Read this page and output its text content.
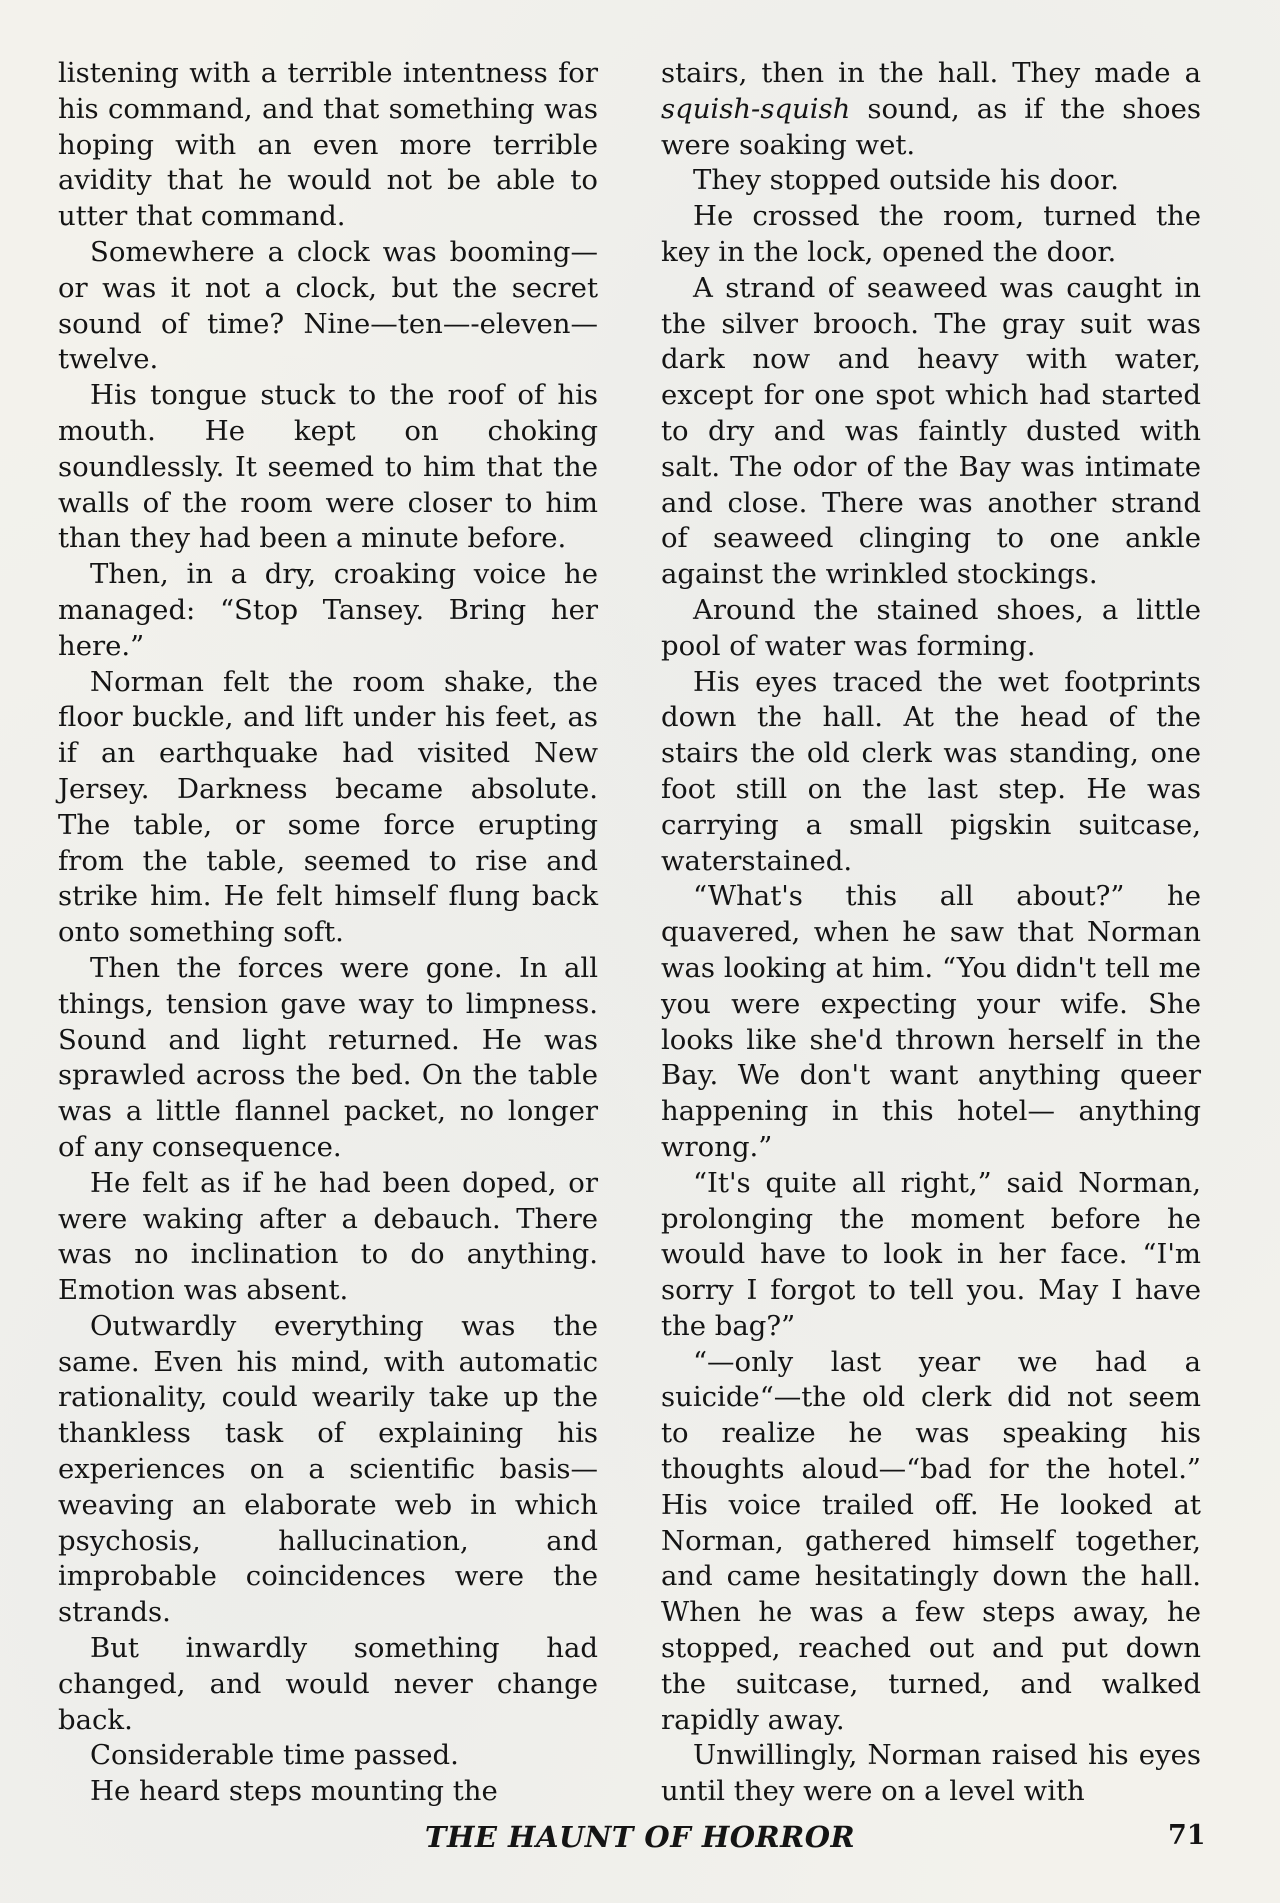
listening with a terrible intentness for his command, and that something was hoping with an even more terrible avidity that he would not be able to utter that command.

Somewhere a clock was booming— or was it not a clock, but the secret sound of time? Nine—ten—-eleven—twelve.

His tongue stuck to the roof of his mouth. He kept on choking soundlessly. It seemed to him that the walls of the room were closer to him than they had been a minute before.

Then, in a dry, croaking voice he managed: “Stop Tansey. Bring her here.”

Norman felt the room shake, the floor buckle, and lift under his feet, as if an earthquake had visited New Jersey. Darkness became absolute. The table, or some force erupting from the table, seemed to rise and strike him. He felt himself flung back onto something soft.

Then the forces were gone. In all things, tension gave way to limpness. Sound and light returned. He was sprawled across the bed. On the table was a little flannel packet, no longer of any consequence.

He felt as if he had been doped, or were waking after a debauch. There was no inclination to do anything. Emotion was absent.

Outwardly everything was the same. Even his mind, with automatic rationality, could wearily take up the thankless task of explaining his experiences on a scientific basis—weaving an elaborate web in which psychosis, hallucination, and improbable coincidences were the strands.

But inwardly something had changed, and would never change back.

Considerable time passed.

He heard steps mounting the

stairs, then in the hall. They made a squish-squish sound, as if the shoes were soaking wet.

They stopped outside his door.

He crossed the room, turned the key in the lock, opened the door.

A strand of seaweed was caught in the silver brooch. The gray suit was dark now and heavy with water, except for one spot which had started to dry and was faintly dusted with salt. The odor of the Bay was intimate and close. There was another strand of seaweed clinging to one ankle against the wrinkled stockings.

Around the stained shoes, a little pool of water was forming.

His eyes traced the wet footprints down the hall. At the head of the stairs the old clerk was standing, one foot still on the last step. He was carrying a small pigskin suitcase, waterstained.

“What's this all about?” he quavered, when he saw that Norman was looking at him. “You didn't tell me you were expecting your wife. She looks like she'd thrown herself in the Bay. We don't want anything queer happening in this hotel— anything wrong.”

“It's quite all right,” said Norman, prolonging the moment before he would have to look in her face. “I'm sorry I forgot to tell you. May I have the bag?”

“—only last year we had a suicide“—the old clerk did not seem to realize he was speaking his thoughts aloud—“bad for the hotel.” His voice trailed off. He looked at Norman, gathered himself together, and came hesitatingly down the hall. When he was a few steps away, he stopped, reached out and put down the suitcase, turned, and walked rapidly away.

Unwillingly, Norman raised his eyes until they were on a level with

THE HAUNT OF HORROR	71
